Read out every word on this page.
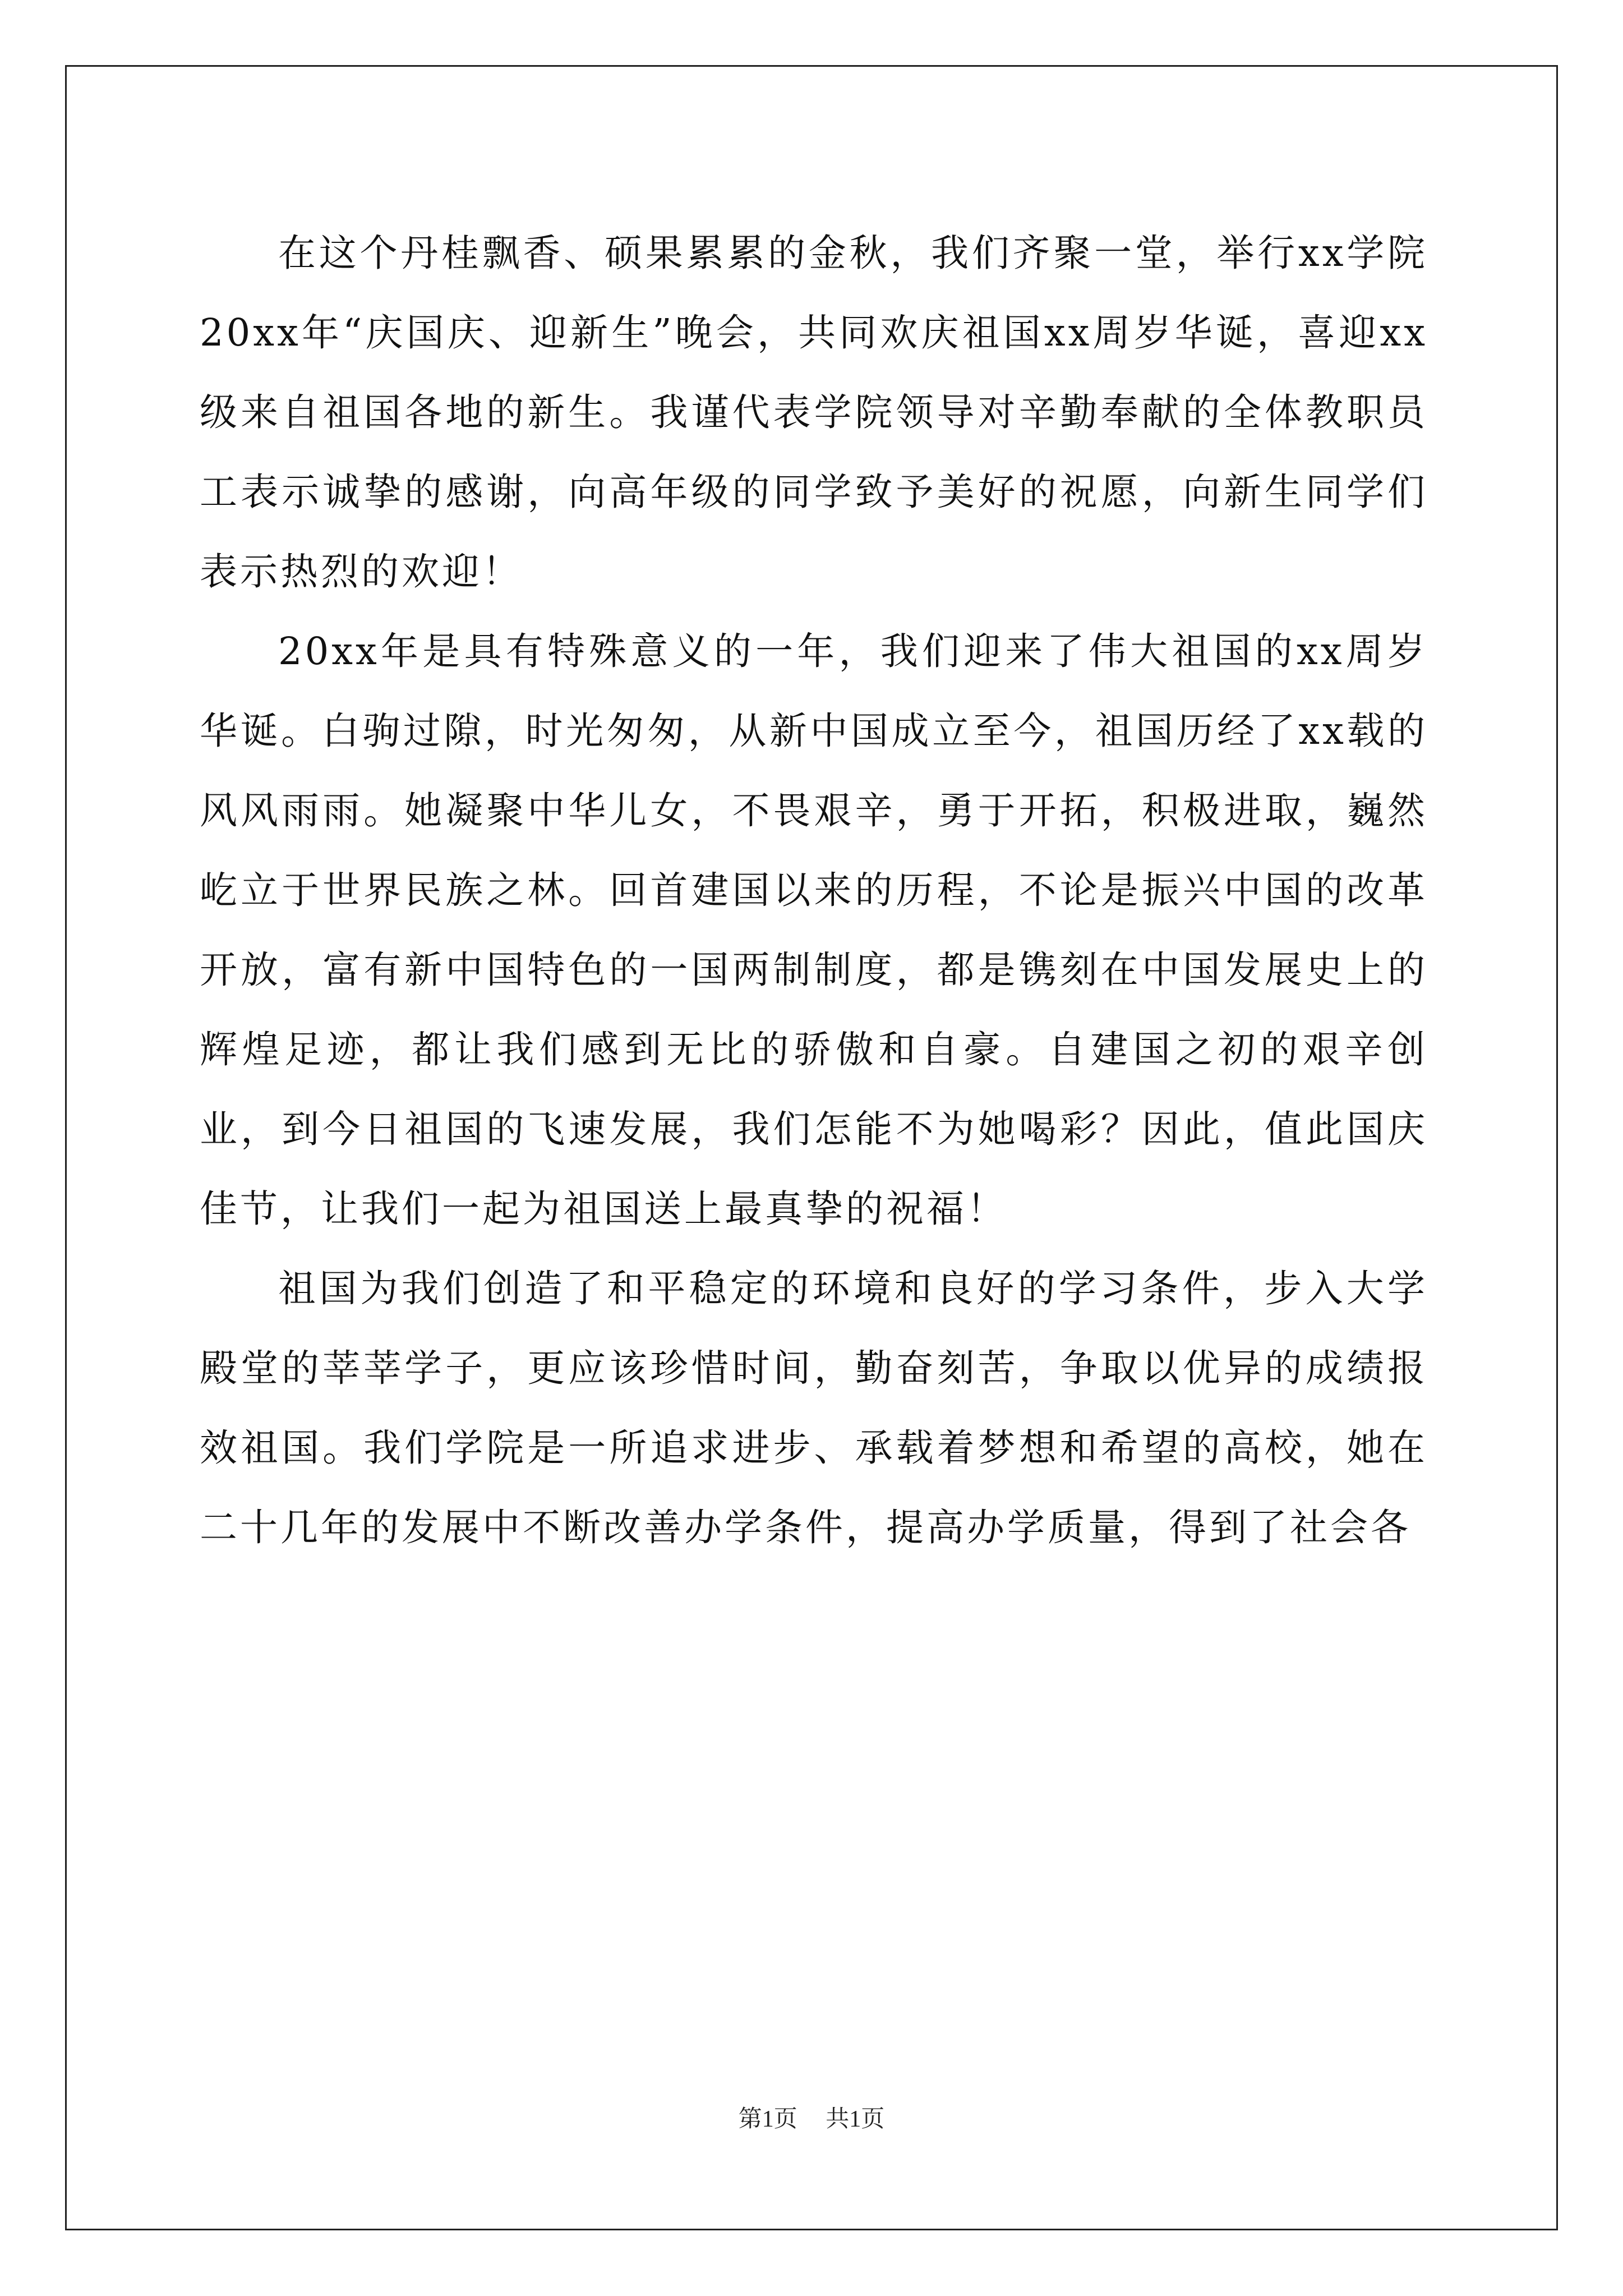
在这个丹桂飘香、硕果累累的金秋，我们齐聚一堂，举行xx学院20xx年“庆国庆、迎新生”晚会，共同欢庆祖国xx周岁华诞，喜迎xx级来自祖国各地的新生。我谨代表学院领导对辛勤奉献的全体教职员工表示诚挚的感谢，向高年级的同学致予美好的祝愿，向新生同学们表示热烈的欢迎！

20xx年是具有特殊意义的一年，我们迎来了伟大祖国的xx周岁华诞。白驹过隙，时光匆匆，从新中国成立至今，祖国历经了xx载的风风雨雨。她凝聚中华儿女，不畏艰辛，勇于开拓，积极进取，巍然屹立于世界民族之林。回首建国以来的历程，不论是振兴中国的改革开放，富有新中国特色的一国两制制度，都是镌刻在中国发展史上的辉煌足迹，都让我们感到无比的骄傲和自豪。自建国之初的艰辛创业，到今日祖国的飞速发展，我们怎能不为她喝彩？因此，值此国庆佳节，让我们一起为祖国送上最真挚的祝福！

祖国为我们创造了和平稳定的环境和良好的学习条件，步入大学殿堂的莘莘学子，更应该珍惜时间，勤奋刻苦，争取以优异的成绩报效祖国。我们学院是一所追求进步、承载着梦想和希望的高校，她在二十几年的发展中不断改善办学条件，提高办学质量，得到了社会各

第1页 共1页
